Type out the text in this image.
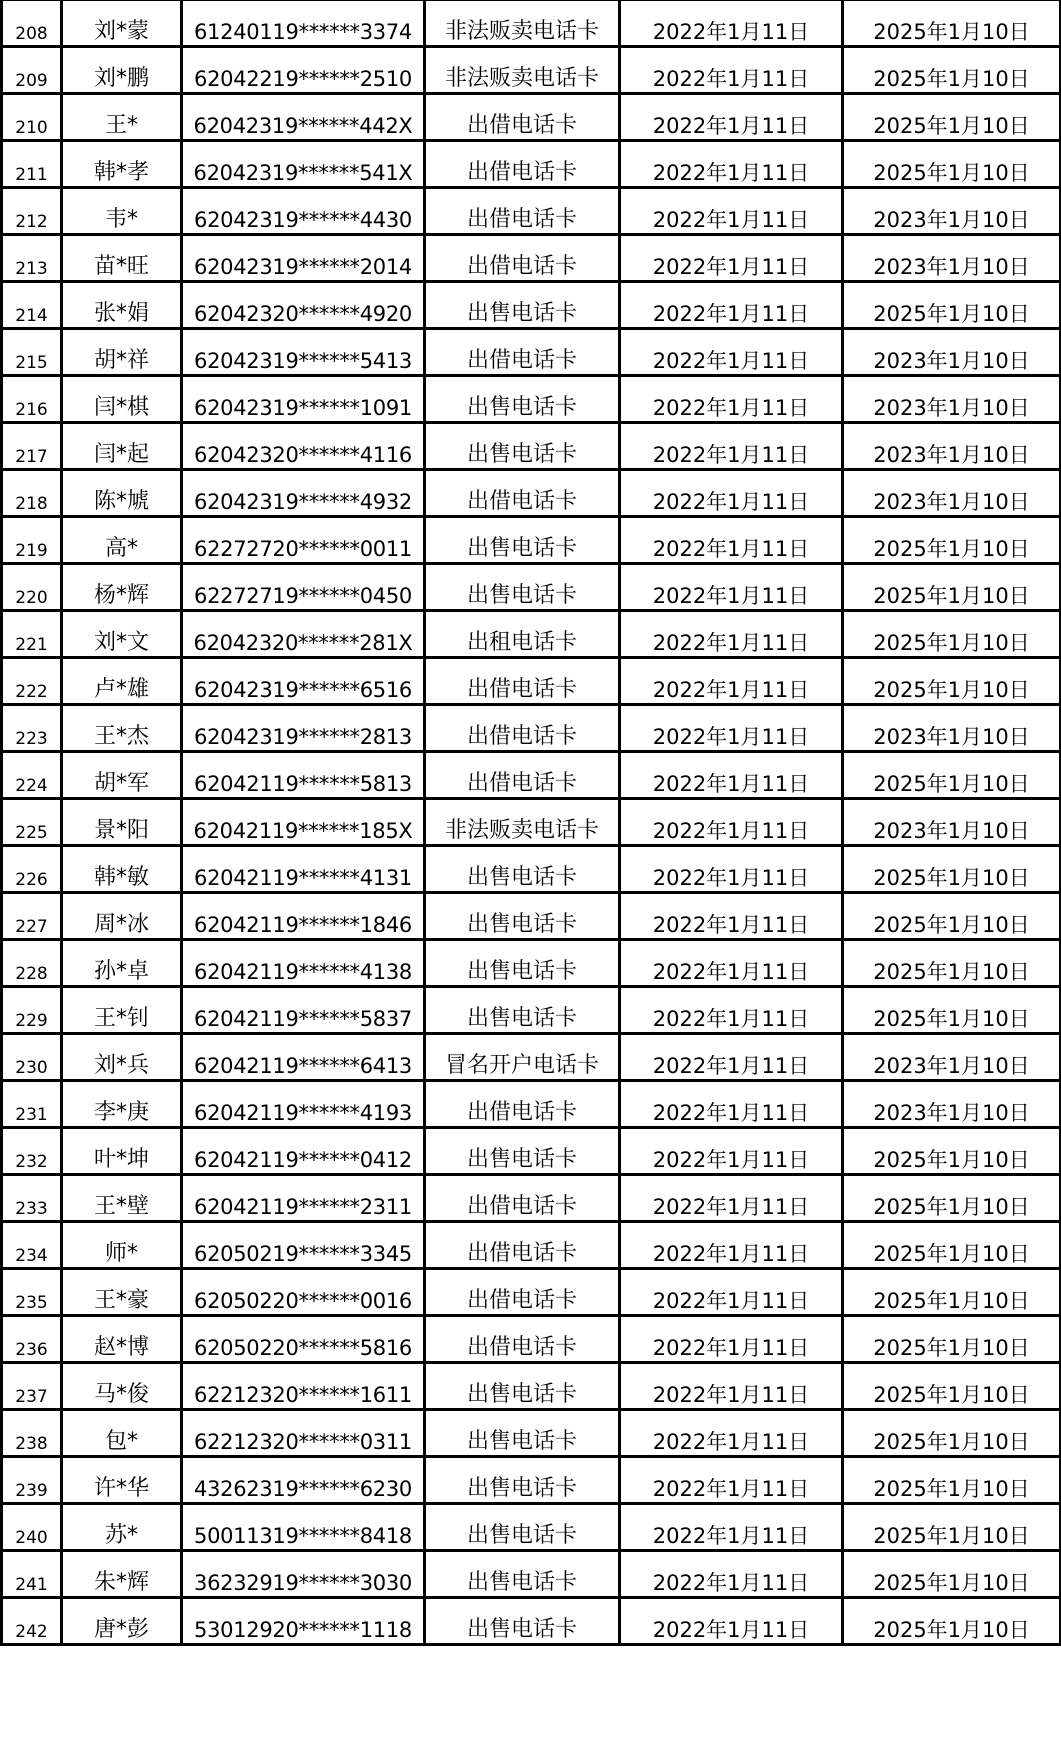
208	刘*蒙	61240119******3374	非法贩卖电话卡	2022年1月11日	2025年1月10日
209	刘*鹏	62042219******2510	非法贩卖电话卡	2022年1月11日	2025年1月10日
210	王*	62042319******442X	出借电话卡	2022年1月11日	2025年1月10日
211	韩*孝	62042319******541X	出借电话卡	2022年1月11日	2025年1月10日
212	韦*	62042319******4430	出借电话卡	2022年1月11日	2023年1月10日
213	苗*旺	62042319******2014	出借电话卡	2022年1月11日	2023年1月10日
214	张*娟	62042320******4920	出售电话卡	2022年1月11日	2025年1月10日
215	胡*祥	62042319******5413	出借电话卡	2022年1月11日	2023年1月10日
216	闫*棋	62042319******1091	出售电话卡	2022年1月11日	2023年1月10日
217	闫*起	62042320******4116	出售电话卡	2022年1月11日	2023年1月10日
218	陈*虓	62042319******4932	出借电话卡	2022年1月11日	2023年1月10日
219	高*	62272720******0011	出售电话卡	2022年1月11日	2025年1月10日
220	杨*辉	62272719******0450	出售电话卡	2022年1月11日	2025年1月10日
221	刘*文	62042320******281X	出租电话卡	2022年1月11日	2025年1月10日
222	卢*雄	62042319******6516	出借电话卡	2022年1月11日	2025年1月10日
223	王*杰	62042319******2813	出借电话卡	2022年1月11日	2023年1月10日
224	胡*军	62042119******5813	出借电话卡	2022年1月11日	2025年1月10日
225	景*阳	62042119******185X	非法贩卖电话卡	2022年1月11日	2023年1月10日
226	韩*敏	62042119******4131	出售电话卡	2022年1月11日	2025年1月10日
227	周*冰	62042119******1846	出售电话卡	2022年1月11日	2025年1月10日
228	孙*卓	62042119******4138	出售电话卡	2022年1月11日	2025年1月10日
229	王*钊	62042119******5837	出售电话卡	2022年1月11日	2025年1月10日
230	刘*兵	62042119******6413	冒名开户电话卡	2022年1月11日	2023年1月10日
231	李*庚	62042119******4193	出借电话卡	2022年1月11日	2023年1月10日
232	叶*坤	62042119******0412	出售电话卡	2022年1月11日	2025年1月10日
233	王*壁	62042119******2311	出借电话卡	2022年1月11日	2025年1月10日
234	师*	62050219******3345	出借电话卡	2022年1月11日	2025年1月10日
235	王*豪	62050220******0016	出借电话卡	2022年1月11日	2025年1月10日
236	赵*博	62050220******5816	出借电话卡	2022年1月11日	2025年1月10日
237	马*俊	62212320******1611	出售电话卡	2022年1月11日	2025年1月10日
238	包*	62212320******0311	出售电话卡	2022年1月11日	2025年1月10日
239	许*华	43262319******6230	出售电话卡	2022年1月11日	2025年1月10日
240	苏*	50011319******8418	出售电话卡	2022年1月11日	2025年1月10日
241	朱*辉	36232919******3030	出售电话卡	2022年1月11日	2025年1月10日
242	唐*彭	53012920******1118	出售电话卡	2022年1月11日	2025年1月10日
